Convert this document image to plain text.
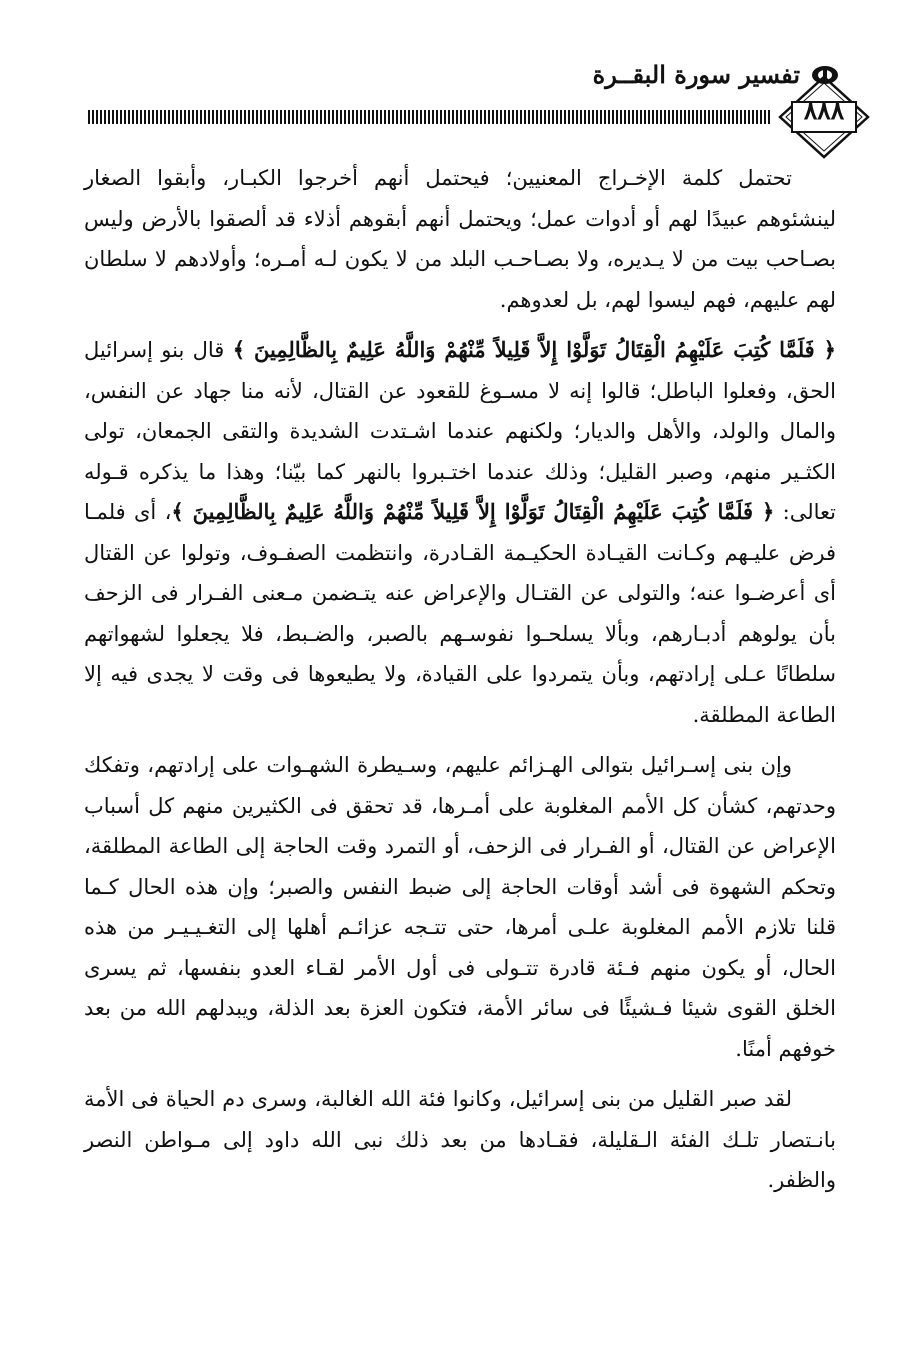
تفسير سورة البقــرة
٨٨٨

تحتمل كلمة الإخـراج المعنيين؛ فيحتمل أنهم أخرجوا الكبـار، وأبقوا الصغار لينشئوهم عبيدًا لهم أو أدوات عمل؛ ويحتمل أنهم أبقوهم أذلاء قد ألصقوا بالأرض وليس بصـاحب بيت من لا يـديره، ولا بصـاحـب البلد من لا يكون لـه أمـره؛ وأولادهم لا سلطان لهم عليهم، فهم ليسوا لهم، بل لعدوهم.

﴿ فَلَمَّا كُتِبَ عَلَيْهِمُ الْقِتَالُ تَوَلَّوْا إِلاَّ قَلِيلاً مِّنْهُمْ وَاللَّهُ عَلِيمٌ بِالظَّالِمِينَ ﴾ قال بنو إسرائيل الحق، وفعلوا الباطل؛ قالوا إنه لا مسـوغ للقعود عن القتال، لأنه منا جهاد عن النفس، والمال والولد، والأهل والديار؛ ولكنهم عندما اشـتدت الشديدة والتقى الجمعان، تولى الكثـير منهم، وصبر القليل؛ وذلك عندما اختـبروا بالنهر كما بيّنا؛ وهذا ما يذكره قـوله تعالى: ﴿ فَلَمَّا كُتِبَ عَلَيْهِمُ الْقِتَالُ تَوَلَّوْا إِلاَّ قَلِيلاً مِّنْهُمْ وَاللَّهُ عَلِيمٌ بِالظَّالِمِينَ ﴾، أى فلمـا فرض عليـهم وكـانت القيـادة الحكيـمة القـادرة، وانتظمت الصفـوف، وتولوا عن القتال أى أعرضـوا عنه؛ والتولى عن القتـال والإعراض عنه يتـضمن مـعنى الفـرار فى الزحف بأن يولوهم أدبـارهم، وبألا يسلحـوا نفوسـهم بالصبر، والضـبط، فلا يجعلوا لشهواتهم سلطانًا عـلى إرادتهم، وبأن يتمردوا على القيادة، ولا يطيعوها فى وقت لا يجدى فيه إلا الطاعة المطلقة.

وإن بنى إسـرائيل بتوالى الهـزائم عليهم، وسـيطرة الشهـوات على إرادتهم، وتفكك وحدتهم، كشأن كل الأمم المغلوبة على أمـرها، قد تحقق فى الكثيرين منهم كل أسباب الإعراض عن القتال، أو الفـرار فى الزحف، أو التمرد وقت الحاجة إلى الطاعة المطلقة، وتحكم الشهوة فى أشد أوقات الحاجة إلى ضبط النفس والصبر؛ وإن هذه الحال كـما قلنا تلازم الأمم المغلوبة علـى أمرها، حتى تتـجه عزائـم أهلها إلى التغـيـيـر من هذه الحال، أو يكون منهم فـئة قادرة تتـولى فى أول الأمر لقـاء العدو بنفسها، ثم يسرى الخلق القوى شيئا فـشيئًا فى سائر الأمة، فتكون العزة بعد الذلة، ويبدلهم الله من بعد خوفهم أمنًا.

لقد صبر القليل من بنى إسرائيل، وكانوا فئة الله الغالبة، وسرى دم الحياة فى الأمة بانـتصار تلـك الفئة الـقليلة، فقـادها من بعد ذلك نبى الله داود إلى مـواطن النصر والظفر.
